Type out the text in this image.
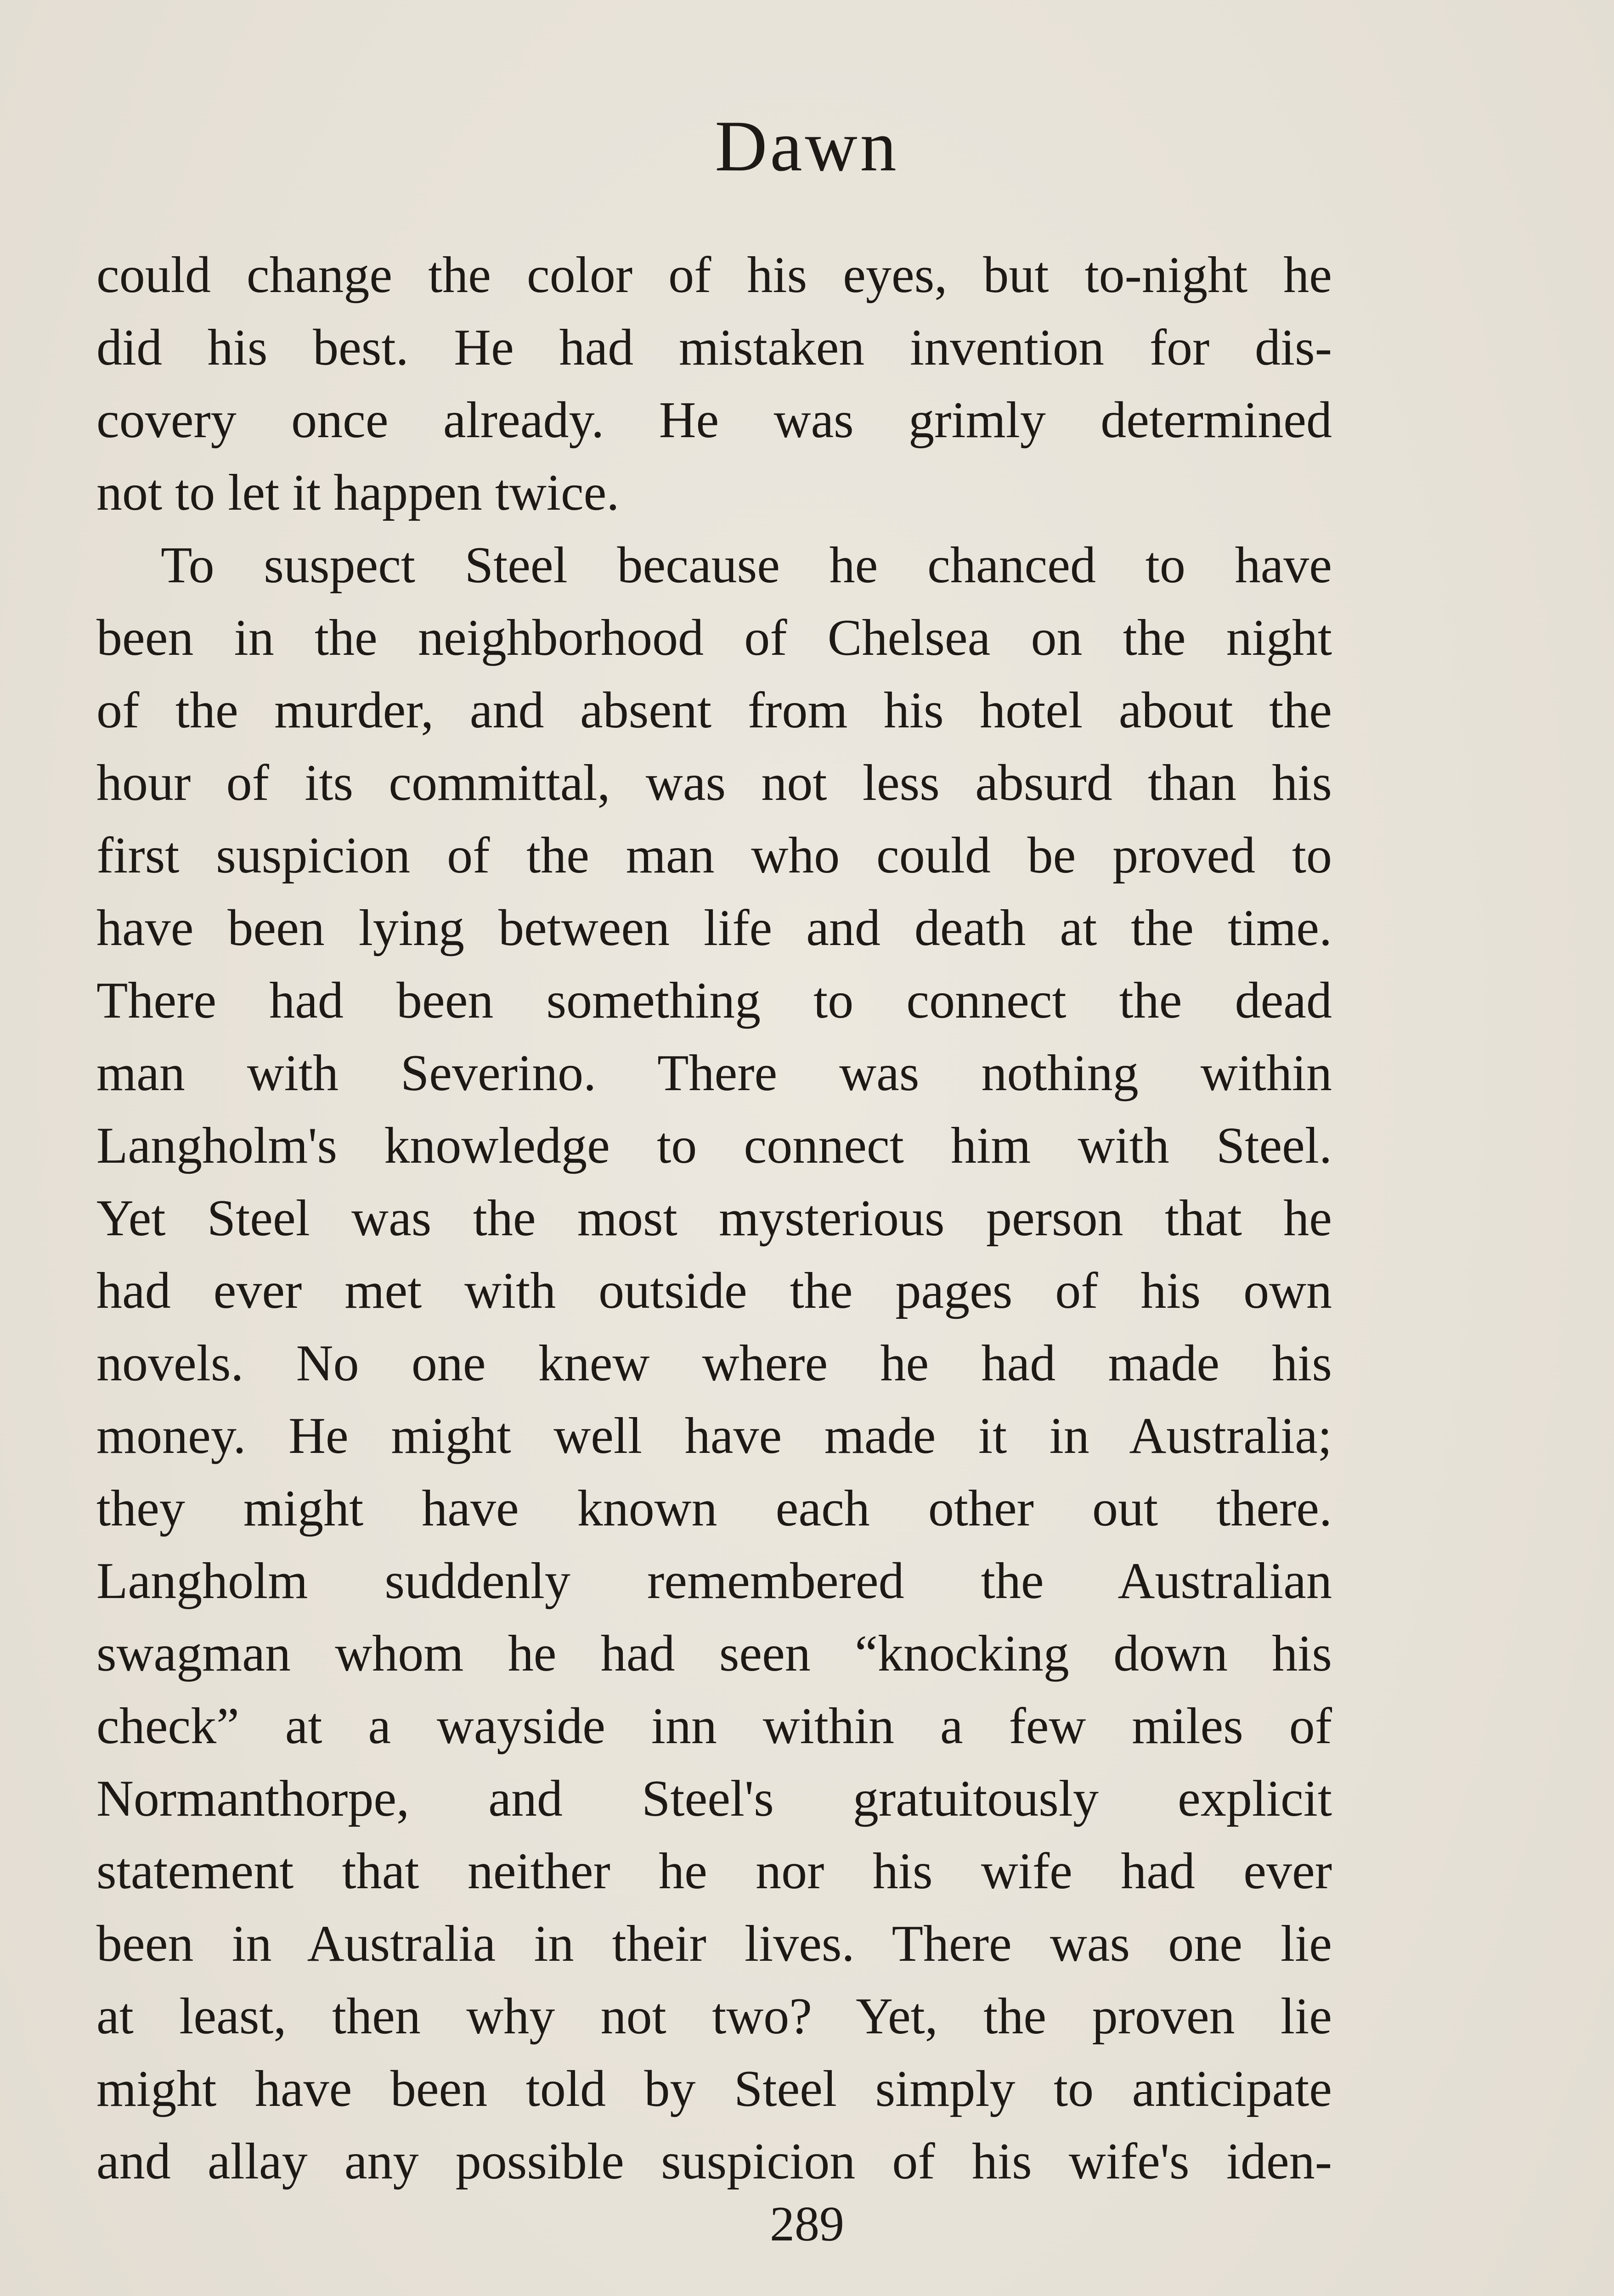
Dawn
could change the color of his eyes, but to-night he
did his best. He had mistaken invention for dis-
covery once already. He was grimly determined
not to let it happen twice.
To suspect Steel because he chanced to have
been in the neighborhood of Chelsea on the night
of the murder, and absent from his hotel about the
hour of its committal, was not less absurd than his
first suspicion of the man who could be proved to
have been lying between life and death at the time.
There had been something to connect the dead
man with Severino. There was nothing within
Langholm's knowledge to connect him with Steel.
Yet Steel was the most mysterious person that he
had ever met with outside the pages of his own
novels. No one knew where he had made his
money. He might well have made it in Australia;
they might have known each other out there.
Langholm suddenly remembered the Australian
swagman whom he had seen “knocking down his
check” at a wayside inn within a few miles of
Normanthorpe, and Steel's gratuitously explicit
statement that neither he nor his wife had ever
been in Australia in their lives. There was one lie
at least, then why not two? Yet, the proven lie
might have been told by Steel simply to anticipate
and allay any possible suspicion of his wife's iden-
289
